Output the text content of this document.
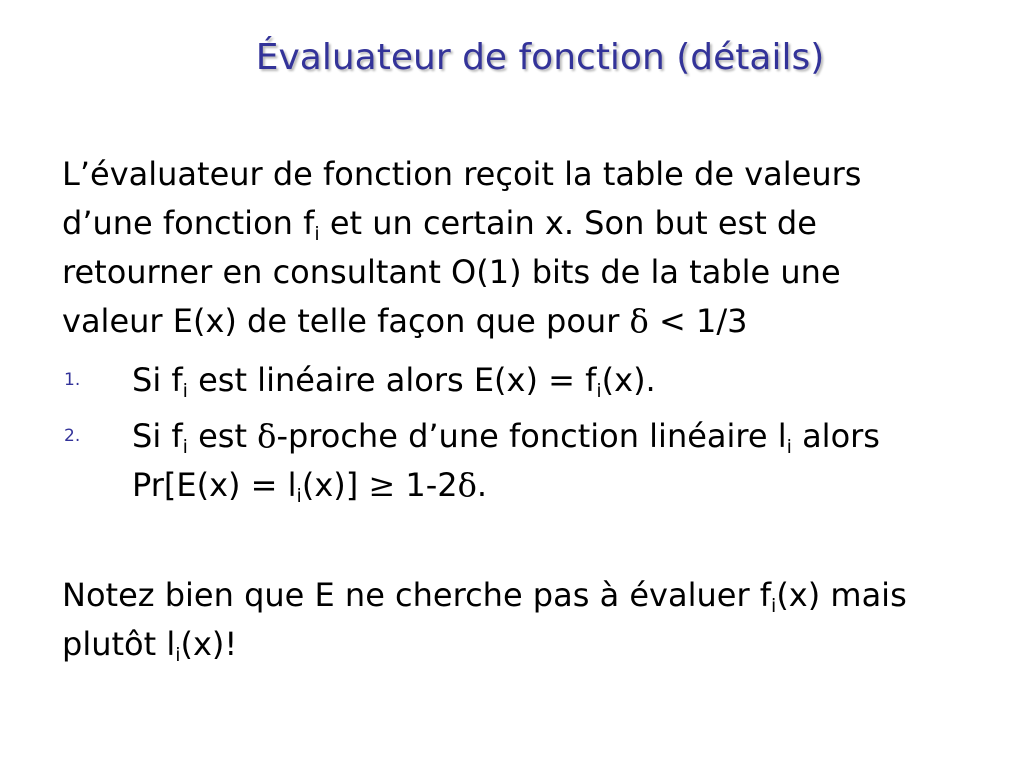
Évaluateur de fonction (détails)
L’évaluateur de fonction reçoit la table de valeurs
d’une fonction $f_i$ et un certain x. Son but est de
retourner en consultant O(1) bits de la table une
valeur E(x) de telle façon que pour δ < 1/3
1. Si $f_i$ est linéaire alors $E(x) = f_i(x)$.
2. Si $f_i$ est δ-proche d’une fonction linéaire $l_i$ alors
$Pr[E(x) = l_i(x)] \ge 1-2\delta$.
Notez bien que E ne cherche pas à évaluer $f_i(x)$ mais
plutôt $l_i(x)$!
